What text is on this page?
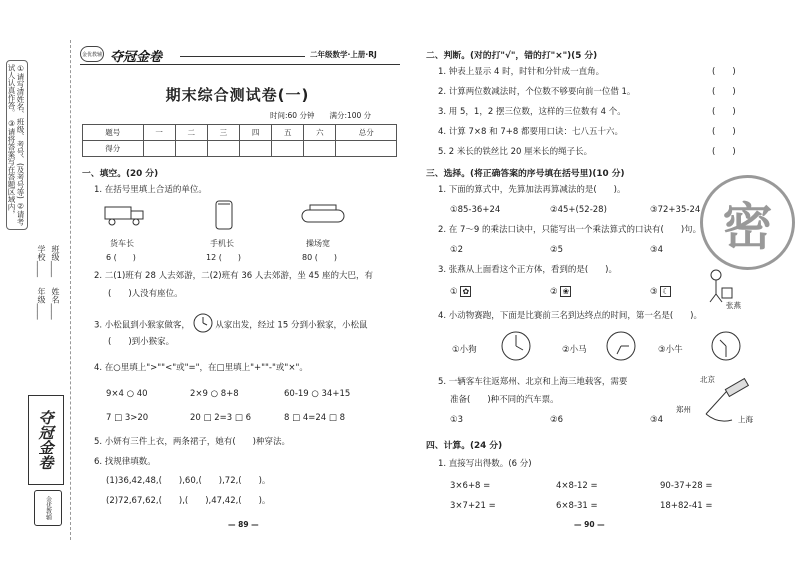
①请写清姓名、班级、考号、(及考号等) ②请考试人认真作答。 ③请将答案写在答题区域内，
学校____　 年级____
班级____　 姓名____
夺冠金卷
金优教辅
金优教辅 夺冠金卷	二年级数学·上册·RJ
期末综合测试卷(一)
时间:60 分钟　　满分:100 分
题号	一	二	三	四	五	六	总分
得分							
一、填空。(20 分)
1. 在括号里填上合适的单位。
货车长
6 (　　)
手机长
12 (　　)
操场宽
80 (　　)
2. 二(1)班有 28 人去郊游，二(2)班有 36 人去郊游，坐 45 座的大巴，有
(　　)人没有座位。
3. 小松鼠到小猴家做客，	从家出发，经过 15 分到小猴家，小松鼠
(　　)到小猴家。
4. 在○里填上">""<"或"="，在□里填上"+""-"或"×"。
9×4 ○ 40	2×9 ○ 8+8	60-19 ○ 34+15
7 □ 3>20	20 □ 2=3 □ 6	8 □ 4=24 □ 8
5. 小妍有三件上衣，两条裙子，她有(　　)种穿法。
6. 找规律填数。
(1)36,42,48,(　　),60,(　　),72,(　　)。
(2)72,67,62,(　　),(　　),47,42,(　　)。
— 89 —
二、判断。(对的打"√"，错的打"×")(5 分)
1. 钟表上显示 4 时，时针和分针成一直角。
2. 计算两位数减法时，个位数不够要向前一位借 1。
3. 用 5，1，2 摆三位数，这样的三位数有 4 个。
4. 计算 7×8 和 7+8 都要用口诀：七八五十六。
5. 2 米长的铁丝比 20 厘米长的绳子长。
(　　)
(　　)
(　　)
(　　)
(　　)
三、选择。(将正确答案的序号填在括号里)(10 分)
1. 下面的算式中，先算加法再算减法的是(　　)。
①85-36+24	②45+(52-28)	③72+35-24
2. 在 7～9 的乘法口诀中，只能写出一个乘法算式的口诀有(　　)句。
①2	②5	③4
3. 张燕从上面看这个正方体，看到的是(　　)。
① ✿	② ❀	③ ☾
张燕
4. 小动物赛跑，下面是比赛前三名到达终点的时间，第一名是(　　)。
①小狗	②小马	③小牛
5. 一辆客车往返郑州、北京和上海三地载客，需要
准备(　　)种不同的汽车票。
①3	②6	③4
北京
郑州
上海
四、计算。(24 分)
1. 直接写出得数。(6 分)
3×6+8 =	4×8-12 =	90-37+28 =
3×7+21 =	6×8-31 =	18+82-41 =
密
— 90 —
